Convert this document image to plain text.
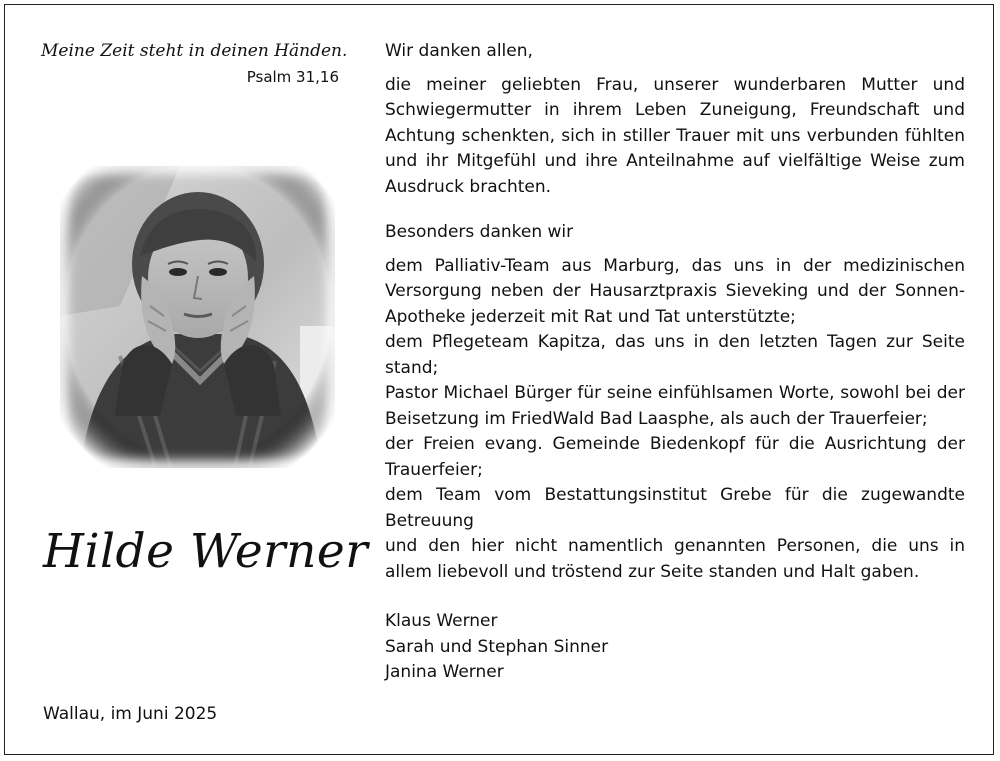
Meine Zeit steht in deinen Händen.
Psalm 31,16
Hilde Werner
Wallau, im Juni 2025

Wir danken allen,

die meiner geliebten Frau, unserer wunderbaren Mutter und Schwiegermutter in ihrem Leben Zuneigung, Freundschaft und Achtung schenkten, sich in stiller Trauer mit uns verbunden fühlten und ihr Mitgefühl und ihre Anteilnahme auf vielfältige Weise zum Ausdruck brachten.

Besonders danken wir

dem Palliativ-Team aus Marburg, das uns in der medizinischen Versorgung neben der Hausarztpraxis Sieveking und der Sonnen-Apotheke jederzeit mit Rat und Tat unterstützte;

dem Pflegeteam Kapitza, das uns in den letzten Tagen zur Seite stand;

Pastor Michael Bürger für seine einfühlsamen Worte, sowohl bei der Beisetzung im FriedWald Bad Laasphe, als auch der Trauerfeier;

der Freien evang. Gemeinde Biedenkopf für die Ausrichtung der Trauerfeier;

dem Team vom Bestattungsinstitut Grebe für die zugewandte Betreuung

und den hier nicht namentlich genannten Personen, die uns in allem liebevoll und tröstend zur Seite standen und Halt gaben.

Klaus Werner

Sarah und Stephan Sinner

Janina Werner
